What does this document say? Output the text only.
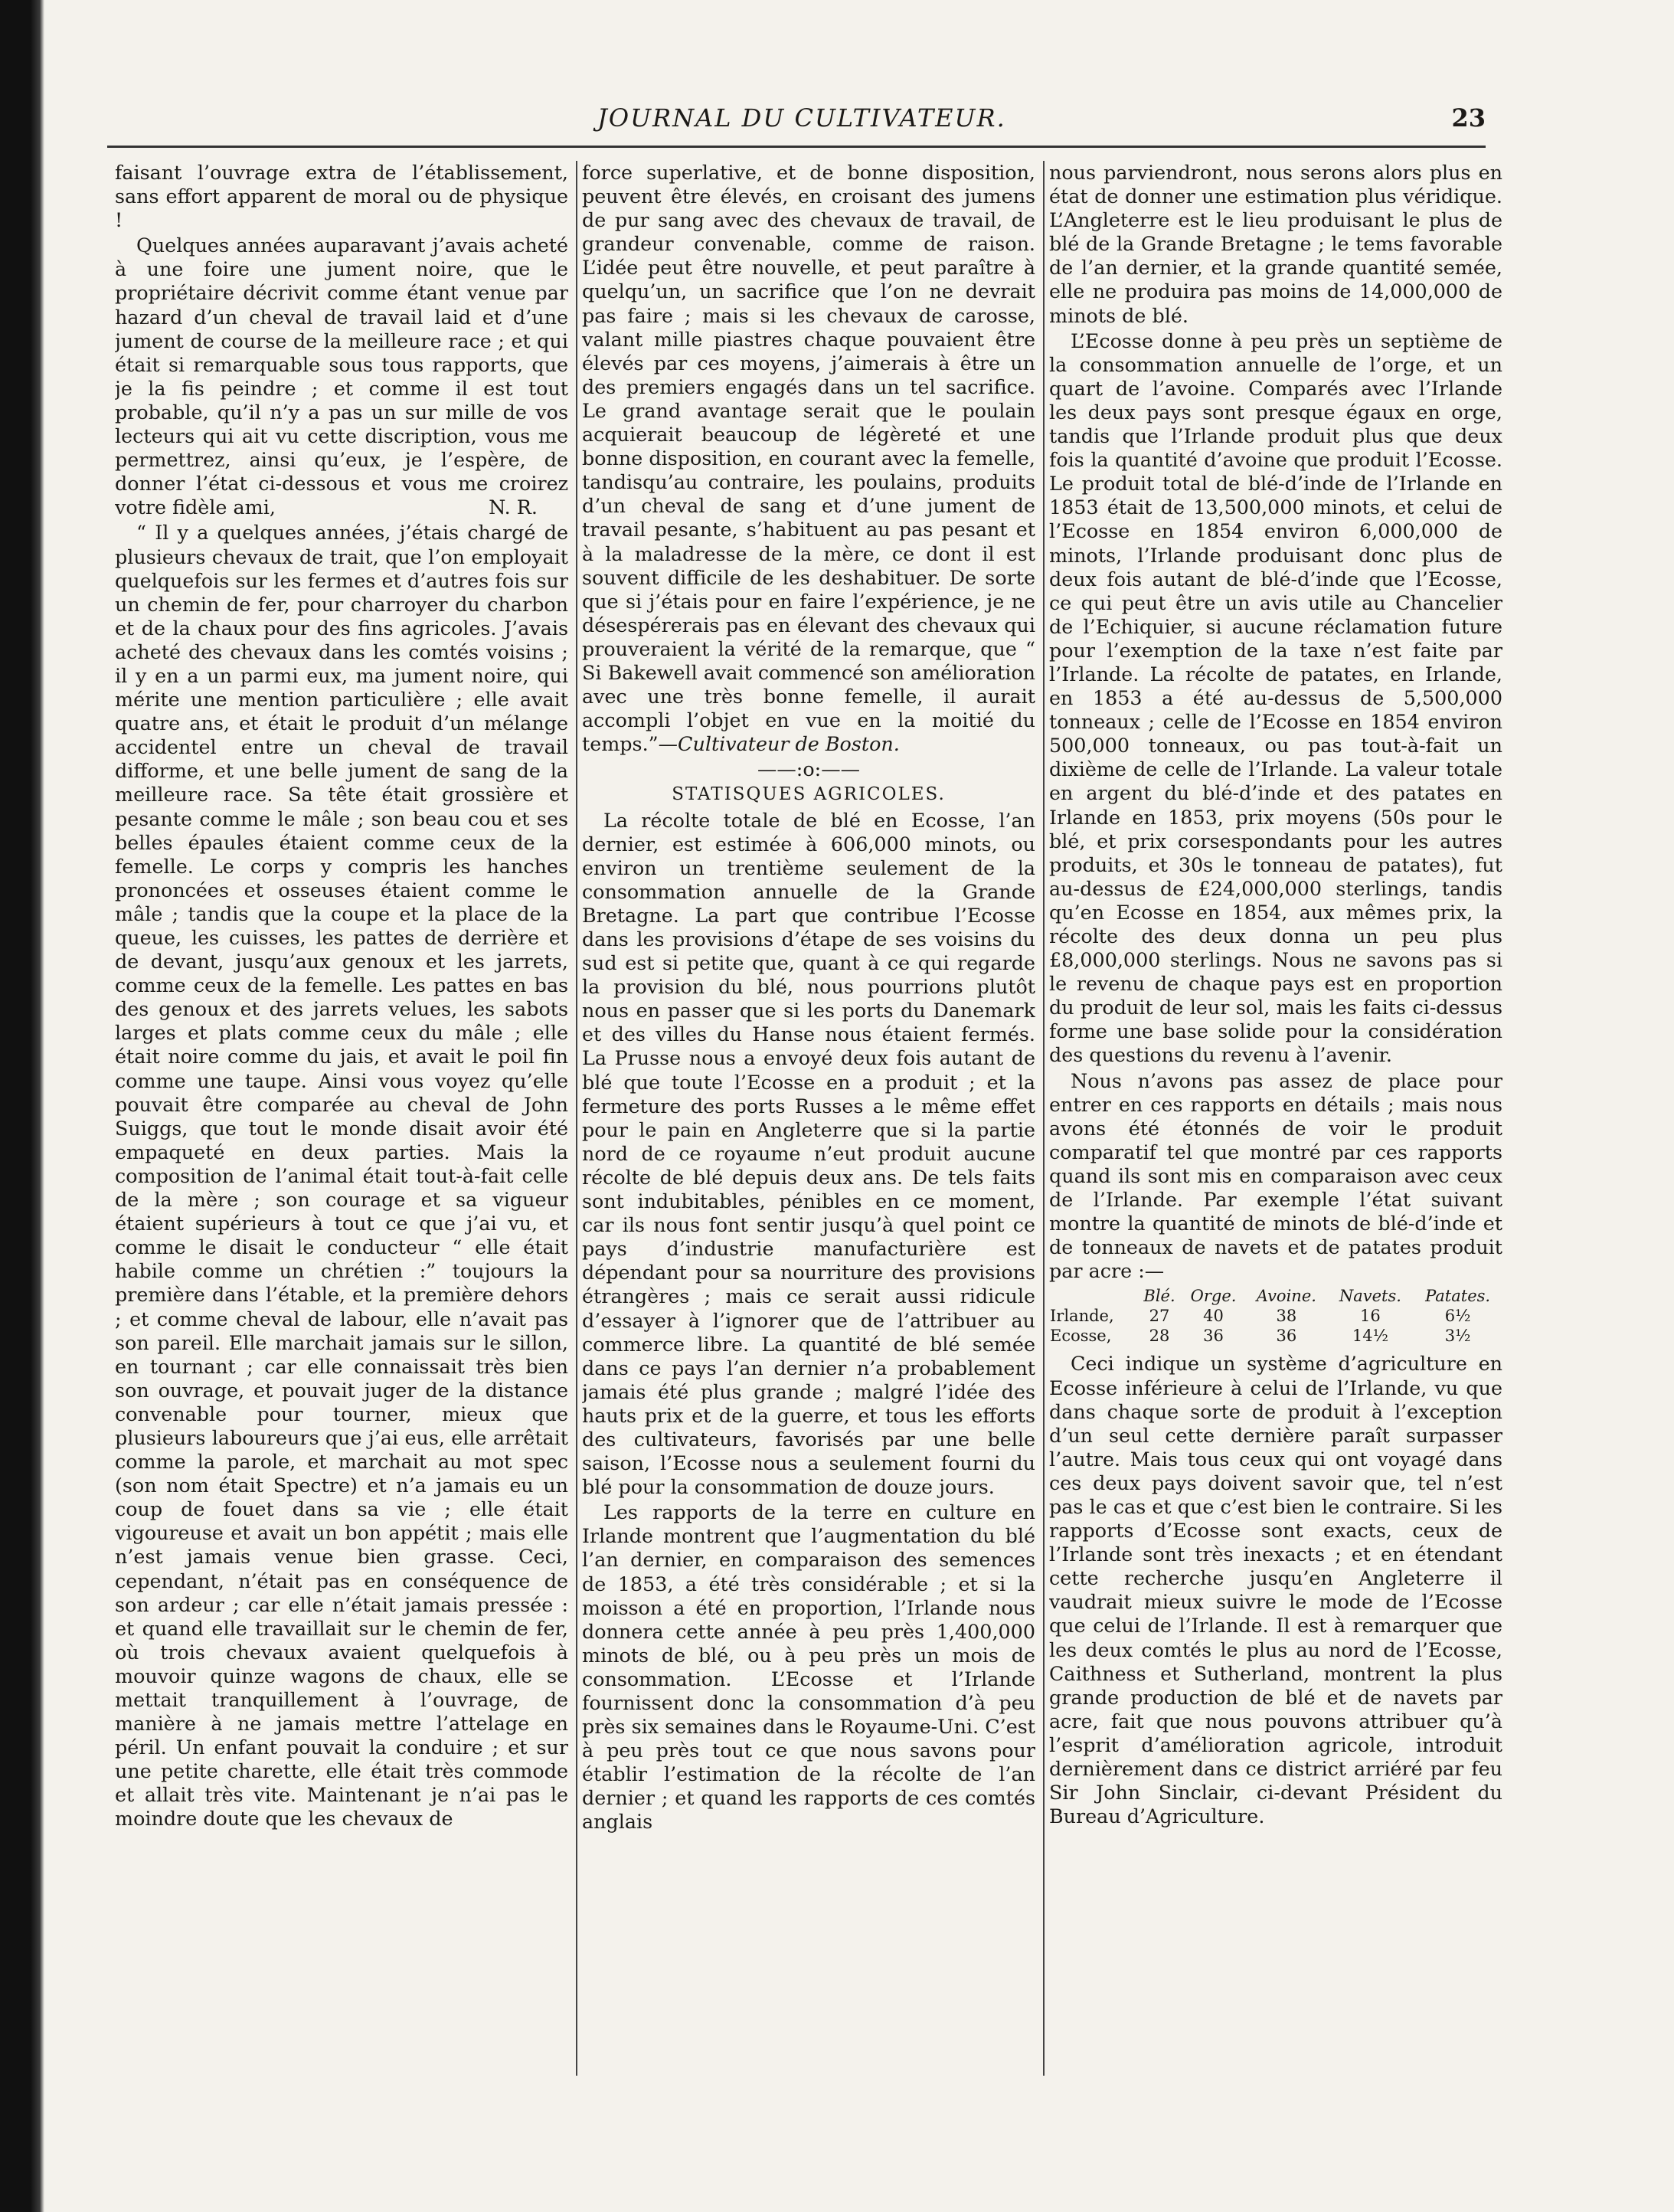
JOURNAL DU CULTIVATEUR.	23

faisant l’ouvrage extra de l’établissement, sans effort apparent de moral ou de physique !

Quelques années auparavant j’avais acheté à une foire une jument noire, que le propriétaire décrivit comme étant venue par hazard d’un cheval de travail laid et d’une jument de course de la meilleure race ; et qui était si remarquable sous tous rapports, que je la fis peindre ; et comme il est tout probable, qu’il n’y a pas un sur mille de vos lecteurs qui ait vu cette discription, vous me permettrez, ainsi qu’eux, je l’espère, de donner l’état ci-dessous et vous me croirez votre fidèle ami,	N. R.

“ Il y a quelques années, j’étais chargé de plusieurs chevaux de trait, que l’on employait quelquefois sur les fermes et d’autres fois sur un chemin de fer, pour charroyer du charbon et de la chaux pour des fins agricoles. J’avais acheté des chevaux dans les comtés voisins ; il y en a un parmi eux, ma jument noire, qui mérite une mention particulière ; elle avait quatre ans, et était le produit d’un mélange accidentel entre un cheval de travail difforme, et une belle jument de sang de la meilleure race. Sa tête était grossière et pesante comme le mâle ; son beau cou et ses belles épaules étaient comme ceux de la femelle. Le corps y compris les hanches prononcées et osseuses étaient comme le mâle ; tandis que la coupe et la place de la queue, les cuisses, les pattes de derrière et de devant, jusqu’aux genoux et les jarrets, comme ceux de la femelle. Les pattes en bas des genoux et des jarrets velues, les sabots larges et plats comme ceux du mâle ; elle était noire comme du jais, et avait le poil fin comme une taupe. Ainsi vous voyez qu’elle pouvait être comparée au cheval de John Suiggs, que tout le monde disait avoir été empaqueté en deux parties. Mais la composition de l’animal était tout-à-fait celle de la mère ; son courage et sa vigueur étaient supérieurs à tout ce que j’ai vu, et comme le disait le conducteur “ elle était habile comme un chrétien :” toujours la première dans l’étable, et la première dehors ; et comme cheval de labour, elle n’avait pas son pareil. Elle marchait jamais sur le sillon, en tournant ; car elle connaissait très bien son ouvrage, et pouvait juger de la distance convenable pour tourner, mieux que plusieurs laboureurs que j’ai eus, elle arrêtait comme la parole, et marchait au mot spec (son nom était Spectre) et n’a jamais eu un coup de fouet dans sa vie ; elle était vigoureuse et avait un bon appétit ; mais elle n’est jamais venue bien grasse. Ceci, cependant, n’était pas en conséquence de son ardeur ; car elle n’était jamais pressée : et quand elle travaillait sur le chemin de fer, où trois chevaux avaient quelquefois à mouvoir quinze wagons de chaux, elle se mettait tranquillement à l’ouvrage, de manière à ne jamais mettre l’attelage en péril. Un enfant pouvait la conduire ; et sur une petite charette, elle était très commode et allait très vite. Maintenant je n’ai pas le moindre doute que les chevaux de

force superlative, et de bonne disposition, peuvent être élevés, en croisant des jumens de pur sang avec des chevaux de travail, de grandeur convenable, comme de raison. L’idée peut être nouvelle, et peut paraître à quelqu’un, un sacrifice que l’on ne devrait pas faire ; mais si les chevaux de carosse, valant mille piastres chaque pouvaient être élevés par ces moyens, j’aimerais à être un des premiers engagés dans un tel sacrifice. Le grand avantage serait que le poulain acquierait beaucoup de légèreté et une bonne disposition, en courant avec la femelle, tandisqu’au contraire, les poulains, produits d’un cheval de sang et d’une jument de travail pesante, s’habituent au pas pesant et à la maladresse de la mère, ce dont il est souvent difficile de les deshabituer. De sorte que si j’étais pour en faire l’expérience, je ne désespérerais pas en élevant des chevaux qui prouveraient la vérité de la remarque, que “ Si Bakewell avait commencé son amélioration avec une très bonne femelle, il aurait accompli l’objet en vue en la moitié du temps.”—Cultivateur de Boston.

——:o:——

STATISQUES AGRICOLES.

La récolte totale de blé en Ecosse, l’an dernier, est estimée à 606,000 minots, ou environ un trentième seulement de la consommation annuelle de la Grande Bretagne. La part que contribue l’Ecosse dans les provisions d’étape de ses voisins du sud est si petite que, quant à ce qui regarde la provision du blé, nous pourrions plutôt nous en passer que si les ports du Danemark et des villes du Hanse nous étaient fermés. La Prusse nous a envoyé deux fois autant de blé que toute l’Ecosse en a produit ; et la fermeture des ports Russes a le même effet pour le pain en Angleterre que si la partie nord de ce royaume n’eut produit aucune récolte de blé depuis deux ans. De tels faits sont indubitables, pénibles en ce moment, car ils nous font sentir jusqu’à quel point ce pays d’industrie manufacturière est dépendant pour sa nourriture des provisions étrangères ; mais ce serait aussi ridicule d’essayer à l’ignorer que de l’attribuer au commerce libre. La quantité de blé semée dans ce pays l’an dernier n’a probablement jamais été plus grande ; malgré l’idée des hauts prix et de la guerre, et tous les efforts des cultivateurs, favorisés par une belle saison, l’Ecosse nous a seulement fourni du blé pour la consommation de douze jours.

Les rapports de la terre en culture en Irlande montrent que l’augmentation du blé l’an dernier, en comparaison des semences de 1853, a été très considérable ; et si la moisson a été en proportion, l’Irlande nous donnera cette année à peu près 1,400,000 minots de blé, ou à peu près un mois de consommation. L’Ecosse et l’Irlande fournissent donc la consommation d’à peu près six semaines dans le Royaume-Uni. C’est à peu près tout ce que nous savons pour établir l’estimation de la récolte de l’an dernier ; et quand les rapports de ces comtés anglais

nous parviendront, nous serons alors plus en état de donner une estimation plus véridique. L’Angleterre est le lieu produisant le plus de blé de la Grande Bretagne ; le tems favorable de l’an dernier, et la grande quantité semée, elle ne produira pas moins de 14,000,000 de minots de blé.

L’Ecosse donne à peu près un septième de la consommation annuelle de l’orge, et un quart de l’avoine. Comparés avec l’Irlande les deux pays sont presque égaux en orge, tandis que l’Irlande produit plus que deux fois la quantité d’avoine que produit l’Ecosse. Le produit total de blé-d’inde de l’Irlande en 1853 était de 13,500,000 minots, et celui de l’Ecosse en 1854 environ 6,000,000 de minots, l’Irlande produisant donc plus de deux fois autant de blé-d’inde que l’Ecosse, ce qui peut être un avis utile au Chancelier de l’Echiquier, si aucune réclamation future pour l’exemption de la taxe n’est faite par l’Irlande. La récolte de patates, en Irlande, en 1853 a été au-dessus de 5,500,000 tonneaux ; celle de l’Ecosse en 1854 environ 500,000 tonneaux, ou pas tout-à-fait un dixième de celle de l’Irlande. La valeur totale en argent du blé-d’inde et des patates en Irlande en 1853, prix moyens (50s pour le blé, et prix corsespondants pour les autres produits, et 30s le tonneau de patates), fut au-dessus de £24,000,000 sterlings, tandis qu’en Ecosse en 1854, aux mêmes prix, la récolte des deux donna un peu plus £8,000,000 sterlings. Nous ne savons pas si le revenu de chaque pays est en proportion du produit de leur sol, mais les faits ci-dessus forme une base solide pour la considération des questions du revenu à l’avenir.

Nous n’avons pas assez de place pour entrer en ces rapports en détails ; mais nous avons été étonnés de voir le produit comparatif tel que montré par ces rapports quand ils sont mis en comparaison avec ceux de l’Irlande. Par exemple l’état suivant montre la quantité de minots de blé-d’inde et de tonneaux de navets et de patates produit par acre :—

	Blé.	Orge.	Avoine.	Navets.	Patates.
Irlande,	27	40	38	16	6½
Ecosse,	28	36	36	14½	3½

Ceci indique un système d’agriculture en Ecosse inférieure à celui de l’Irlande, vu que dans chaque sorte de produit à l’exception d’un seul cette dernière paraît surpasser l’autre. Mais tous ceux qui ont voyagé dans ces deux pays doivent savoir que, tel n’est pas le cas et que c’est bien le contraire. Si les rapports d’Ecosse sont exacts, ceux de l’Irlande sont très inexacts ; et en étendant cette recherche jusqu’en Angleterre il vaudrait mieux suivre le mode de l’Ecosse que celui de l’Irlande. Il est à remarquer que les deux comtés le plus au nord de l’Ecosse, Caithness et Sutherland, montrent la plus grande production de blé et de navets par acre, fait que nous pouvons attribuer qu’à l’esprit d’amélioration agricole, introduit dernièrement dans ce district arriéré par feu Sir John Sinclair, ci-devant Président du Bureau d’Agriculture.
